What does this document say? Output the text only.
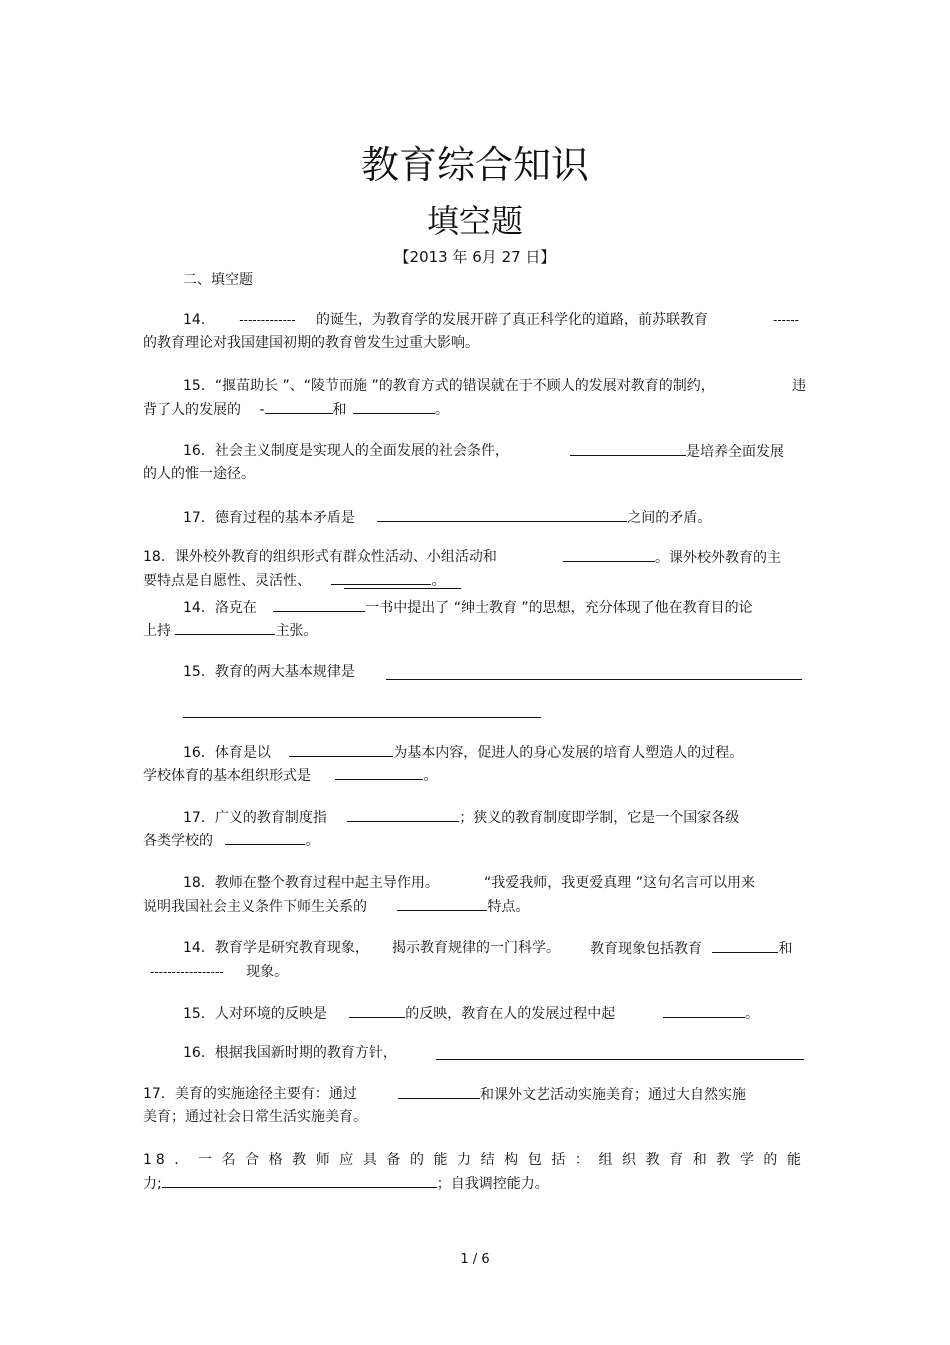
教育综合知识
填空题
【2013 年 6月 27 日】
二、填空题
14． ------------- 的诞生，为教育学的发展开辟了真正科学化的道路，前苏联教育	------
的教育理论对我国建国初期的教育曾发生过重大影响。
15．“揠苗助长 ”、“陵节而施 ”的教育方式的错误就在于不顾人的发展对教育的制约，	违
背了人的发展的 -	和	。
16．社会主义制度是实现人的全面发展的社会条件，	是培养全面发展
的人的惟一途径。
17．德育过程的基本矛盾是	之间的矛盾。
18．课外校外教育的组织形式有群众性活动、小组活动和	。课外校外教育的主
要特点是自愿性、灵活性、	。
14．洛克在	一书中提出了 “绅士教育 ”的思想，充分体现了他在教育目的论
上持	主张。
15．教育的两大基本规律是
16．体育是以	为基本内容，促进人的身心发展的培育人塑造人的过程。
学校体育的基本组织形式是	。
17．广义的教育制度指	；狭义的教育制度即学制，它是一个国家各级
各类学校的	。
18．教师在整个教育过程中起主导作用。	“我爱我师，我更爱真理 ”这句名言可以用来
说明我国社会主义条件下师生关系的	特点。
14．教育学是研究教育现象， 揭示教育规律的一门科学。 教育现象包括教育	和
----------------- 现象。
15．人对环境的反映是	的反映，教育在人的发展过程中起	。
16．根据我国新时期的教育方针，
17．美育的实施途径主要有：通过	和课外文艺活动实施美育；通过大自然实施
美育；通过社会日常生活实施美育。
18．一名合格教师应具备的能力结构包括：组织教育和教学的能
力;	；自我调控能力。
1 / 6
